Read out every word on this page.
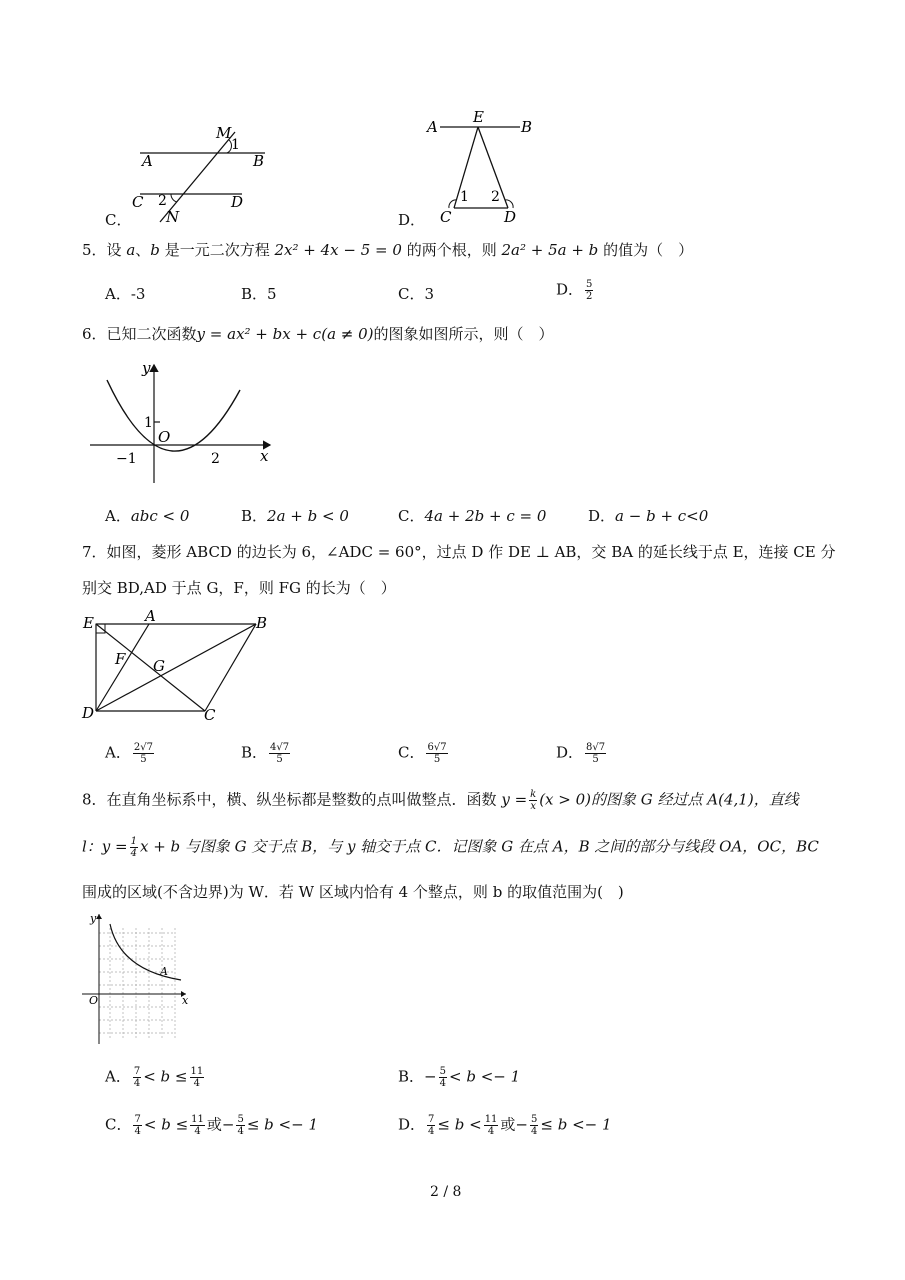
M
1
A	B
C 2
N
D
C．
A
E
B
1 2
C	D
D．
5．设 a、b 是一元二次方程 2x² + 4x − 5 = 0 的两个根，则 2a² + 5a + b 的值为（　）
A．-3	B．5	C．3	D． $\frac{5}{2}$
6．已知二次函数y = ax² + bx + c(a ≠ 0)的图象如图所示，则（　）
y
1
O
−1	2	x
A．abc < 0	B．2a + b < 0	C．4a + 2b + c = 0	D．a − b + c<0
7．如图，菱形 ABCD 的边长为 6，∠ADC = 60°，过点 D 作 DE ⊥ AB，交 BA 的延长线于点 E，连接 CE 分
别交 BD,AD 于点 G，F，则 FG 的长为（　）
E	A	B
F G
D	C
A． $\frac{2√7}{5}$	B． $\frac{4√7}{5}$	C． $\frac{6√7}{5}$	D． $\frac{8√7}{5}$
8．在直角坐标系中，横、纵坐标都是整数的点叫做整点．函数 $y = \frac{k}{x} (x > 0)$的图象 G 经过点 A(4,1)，直线
l：$y = \frac{1}{4}$ x + b 与图象 G 交于点 B，与 y 轴交于点 C．记图象 G 在点 A，B 之间的部分与线段 OA，OC，BC
围成的区域(不含边界)为 W．若 W 区域内恰有 4 个整点，则 b 的取值范围为(　)
y
A
O	x
A． $\frac{7}{4} < b \le \frac{11}{4}$	B．− $\frac{5}{4} < b <- 1$
C． $\frac{7}{4} < b \le \frac{11}{4}$ 或− $\frac{5}{4} \le b <- 1$	D． $\frac{7}{4} \le b < \frac{11}{4}$ 或− $\frac{5}{4} \le b <- 1$
2 / 8
